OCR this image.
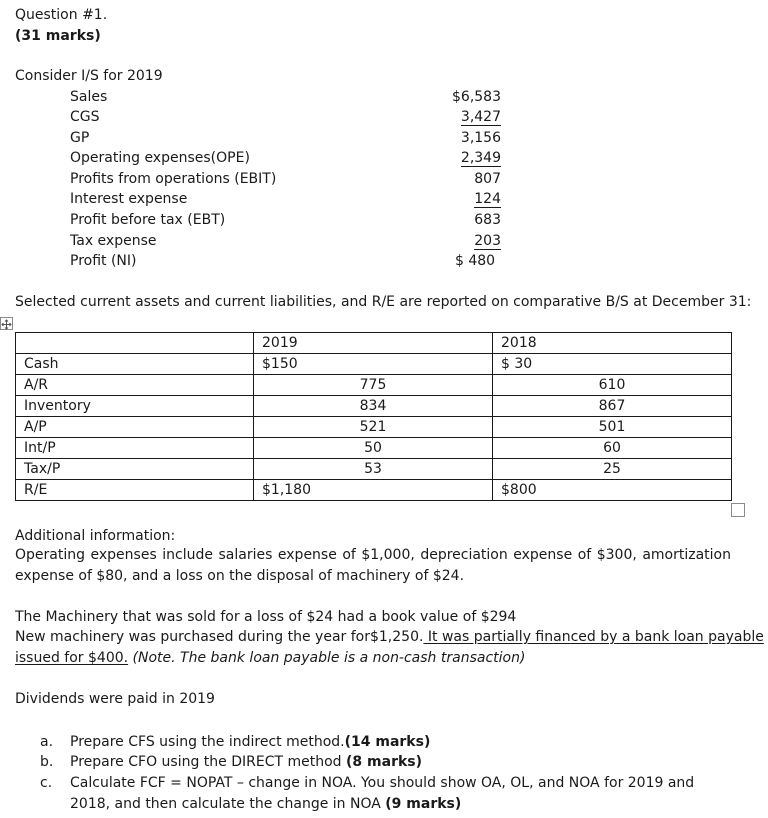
Question #1.
(31 marks)
Consider I/S for 2019
Sales	$6,583
CGS	3,427
GP	3,156
Operating expenses(OPE)	2,349
Profits from operations (EBIT)	807
Interest expense	124
Profit before tax (EBT)	683
Tax expense	203
Profit (NI)	$ 480
Selected current assets and current liabilities, and R/E are reported on comparative B/S at December 31:
	2019	2018
Cash	$150	$ 30
A/R	775	610
Inventory	834	867
A/P	521	501
Int/P	50	60
Tax/P	53	25
R/E	$1,180	$800
Additional information:
Operating expenses include salaries expense of $1,000, depreciation expense of $300, amortization expense of $80, and a loss on the disposal of machinery of $24.
The Machinery that was sold for a loss of $24 had a book value of $294
New machinery was purchased during the year for$1,250. It was partially financed by a bank loan payable
issued for $400. (Note. The bank loan payable is a non-cash transaction)
Dividends were paid in 2019
a.	Prepare CFS using the indirect method.(14 marks)
b.	Prepare CFO using the DIRECT method (8 marks)
c.	Calculate FCF = NOPAT – change in NOA. You should show OA, OL, and NOA for 2019 and 2018, and then calculate the change in NOA (9 marks)
